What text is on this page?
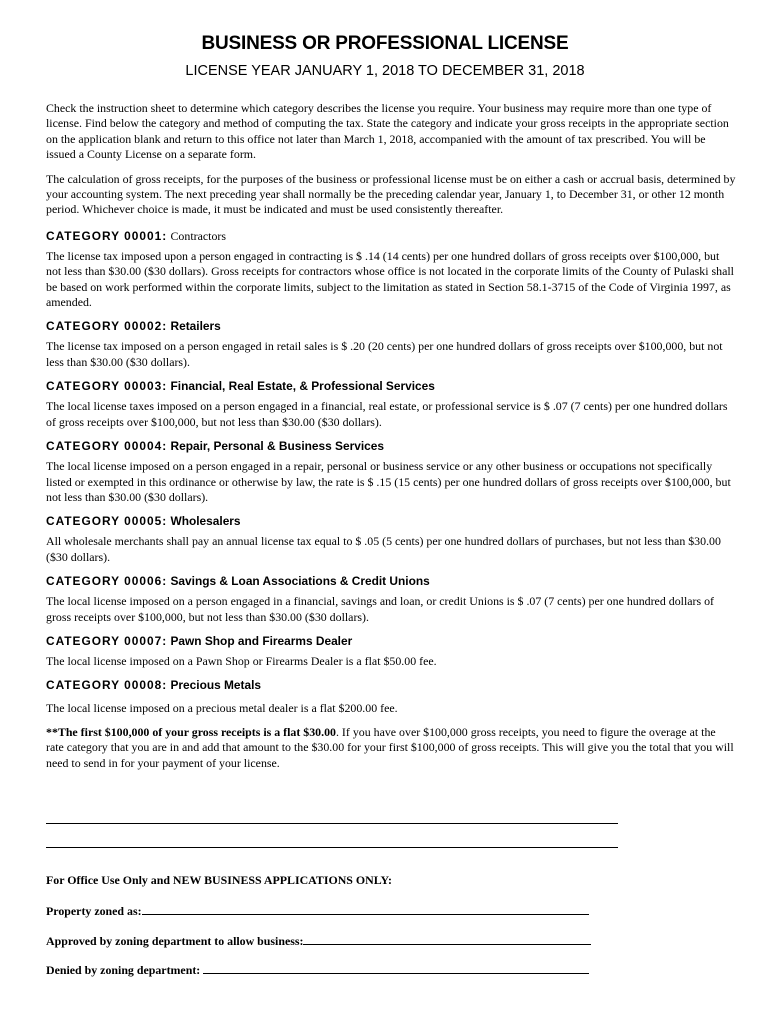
BUSINESS OR PROFESSIONAL LICENSE
LICENSE YEAR JANUARY 1, 2018 TO DECEMBER 31, 2018

Check the instruction sheet to determine which category describes the license you require. Your business may require more than one type of license. Find below the category and method of computing the tax. State the category and indicate your gross receipts in the appropriate section on the application blank and return to this office not later than March 1, 2018, accompanied with the amount of tax prescribed. You will be issued a County License on a separate form.

The calculation of gross receipts, for the purposes of the business or professional license must be on either a cash or accrual basis, determined by your accounting system. The next preceding year shall normally be the preceding calendar year, January 1, to December 31, or other 12 month period. Whichever choice is made, it must be indicated and must be used consistently thereafter.

CATEGORY 00001: Contractors

The license tax imposed upon a person engaged in contracting is $ .14 (14 cents) per one hundred dollars of gross receipts over $100,000, but not less than $30.00 ($30 dollars). Gross receipts for contractors whose office is not located in the corporate limits of the County of Pulaski shall be based on work performed within the corporate limits, subject to the limitation as stated in Section 58.1-3715 of the Code of Virginia 1997, as amended.

CATEGORY 00002: Retailers

The license tax imposed on a person engaged in retail sales is $ .20 (20 cents) per one hundred dollars of gross receipts over $100,000, but not less than $30.00 ($30 dollars).

CATEGORY 00003: Financial, Real Estate, & Professional Services

The local license taxes imposed on a person engaged in a financial, real estate, or professional service is $ .07 (7 cents) per one hundred dollars of gross receipts over $100,000, but not less than $30.00 ($30 dollars).

CATEGORY 00004: Repair, Personal & Business Services

The local license imposed on a person engaged in a repair, personal or business service or any other business or occupations not specifically listed or exempted in this ordinance or otherwise by law, the rate is $ .15 (15 cents) per one hundred dollars of gross receipts over $100,000, but not less than $30.00 ($30 dollars).

CATEGORY 00005: Wholesalers

All wholesale merchants shall pay an annual license tax equal to $ .05 (5 cents) per one hundred dollars of purchases, but not less than $30.00 ($30 dollars).

CATEGORY 00006: Savings & Loan Associations & Credit Unions

The local license imposed on a person engaged in a financial, savings and loan, or credit Unions is $ .07 (7 cents) per one hundred dollars of gross receipts over $100,000, but not less than $30.00 ($30 dollars).

CATEGORY 00007: Pawn Shop and Firearms Dealer

The local license imposed on a Pawn Shop or Firearms Dealer is a flat $50.00 fee.

CATEGORY 00008: Precious Metals

The local license imposed on a precious metal dealer is a flat $200.00 fee.

**The first $100,000 of your gross receipts is a flat $30.00. If you have over $100,000 gross receipts, you need to figure the overage at the rate category that you are in and add that amount to the $30.00 for your first $100,000 of gross receipts. This will give you the total that you will need to send in for your payment of your license.

For Office Use Only and NEW BUSINESS APPLICATIONS ONLY:
Property zoned as:
Approved by zoning department to allow business:
Denied by zoning department:
